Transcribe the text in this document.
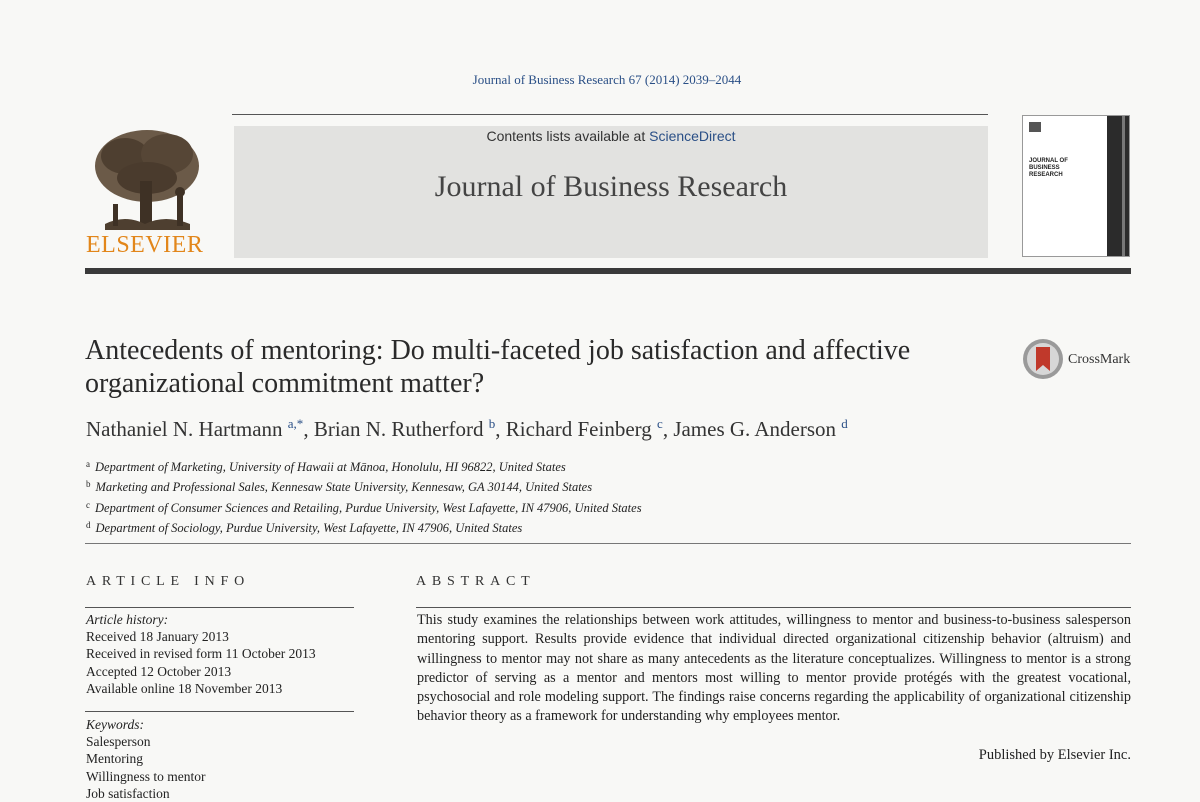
Journal of Business Research 67 (2014) 2039–2044
ELSEVIER
Contents lists available at ScienceDirect
Journal of Business Research
JOURNAL OF BUSINESS RESEARCH
Antecedents of mentoring: Do multi-faceted job satisfaction and affective organizational commitment matter?
CrossMark
Nathaniel N. Hartmann $^{a,*}$, Brian N. Rutherford $^b$, Richard Feinberg $^c$, James G. Anderson $^d$
$^a$ Department of Marketing, University of Hawaii at Mānoa, Honolulu, HI 96822, United States
$^b$ Marketing and Professional Sales, Kennesaw State University, Kennesaw, GA 30144, United States
$^c$ Department of Consumer Sciences and Retailing, Purdue University, West Lafayette, IN 47906, United States
$^d$ Department of Sociology, Purdue University, West Lafayette, IN 47906, United States
ARTICLE INFO
Article history:
Received 18 January 2013
Received in revised form 11 October 2013
Accepted 12 October 2013
Available online 18 November 2013
Keywords:
Salesperson
Mentoring
Willingness to mentor
Job satisfaction
ABSTRACT
This study examines the relationships between work attitudes, willingness to mentor and business-to-business salesperson mentoring support. Results provide evidence that individual directed organizational citizenship behavior (altruism) and willingness to mentor may not share as many antecedents as the literature conceptualizes. Willingness to mentor is a strong predictor of serving as a mentor and mentors most willing to mentor provide protégés with the greatest vocational, psychosocial and role modeling support. The findings raise concerns regarding the applicability of organizational citizenship behavior theory as a framework for understanding why employees mentor.
Published by Elsevier Inc.
